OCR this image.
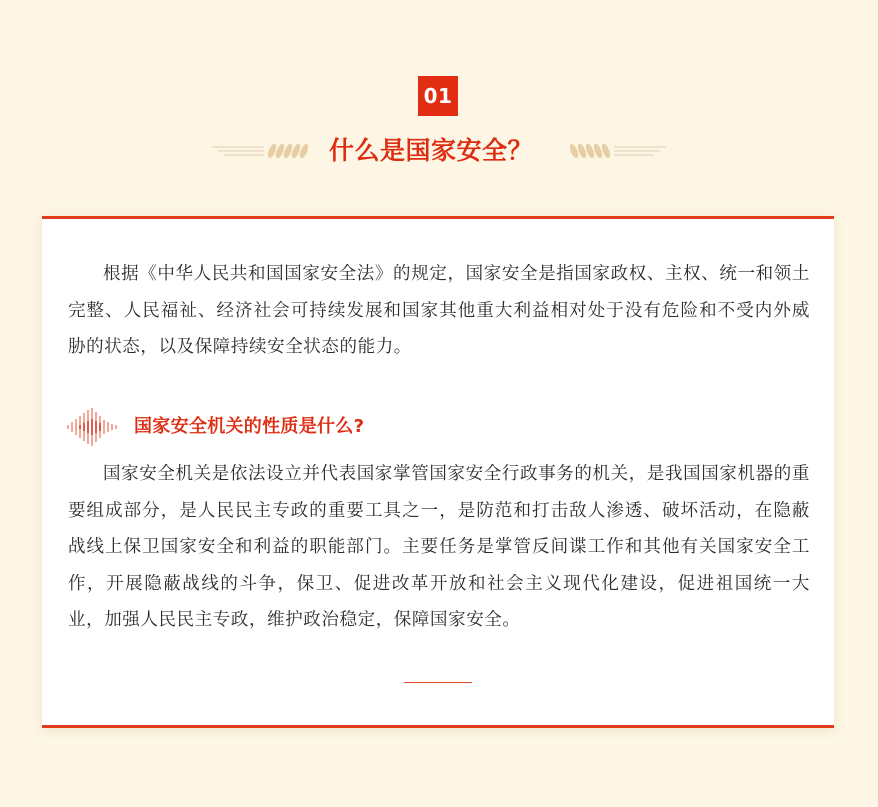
01
什么是国家安全？

根据《中华人民共和国国家安全法》的规定，国家安全是指国家政权、主权、统一和领土完整、人民福祉、经济社会可持续发展和国家其他重大利益相对处于没有危险和不受内外威胁的状态，以及保障持续安全状态的能力。

国家安全机关的性质是什么?

国家安全机关是依法设立并代表国家掌管国家安全行政事务的机关，是我国国家机器的重要组成部分，是人民民主专政的重要工具之一，是防范和打击敌人渗透、破坏活动，在隐蔽战线上保卫国家安全和利益的职能部门。主要任务是掌管反间谍工作和其他有关国家安全工作，开展隐蔽战线的斗争，保卫、促进改革开放和社会主义现代化建设，促进祖国统一大业，加强人民民主专政，维护政治稳定，保障国家安全。
